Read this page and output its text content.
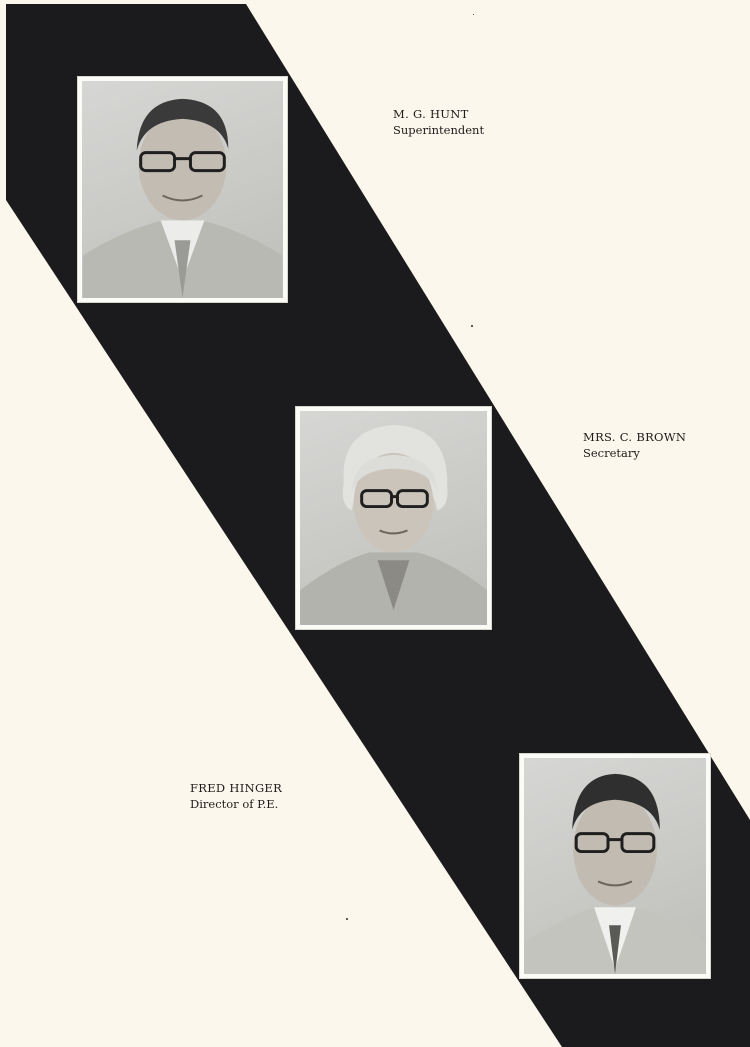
M. G. HUNT
Superintendent
MRS. C. BROWN
Secretary
FRED HINGER
Director of P.E.
